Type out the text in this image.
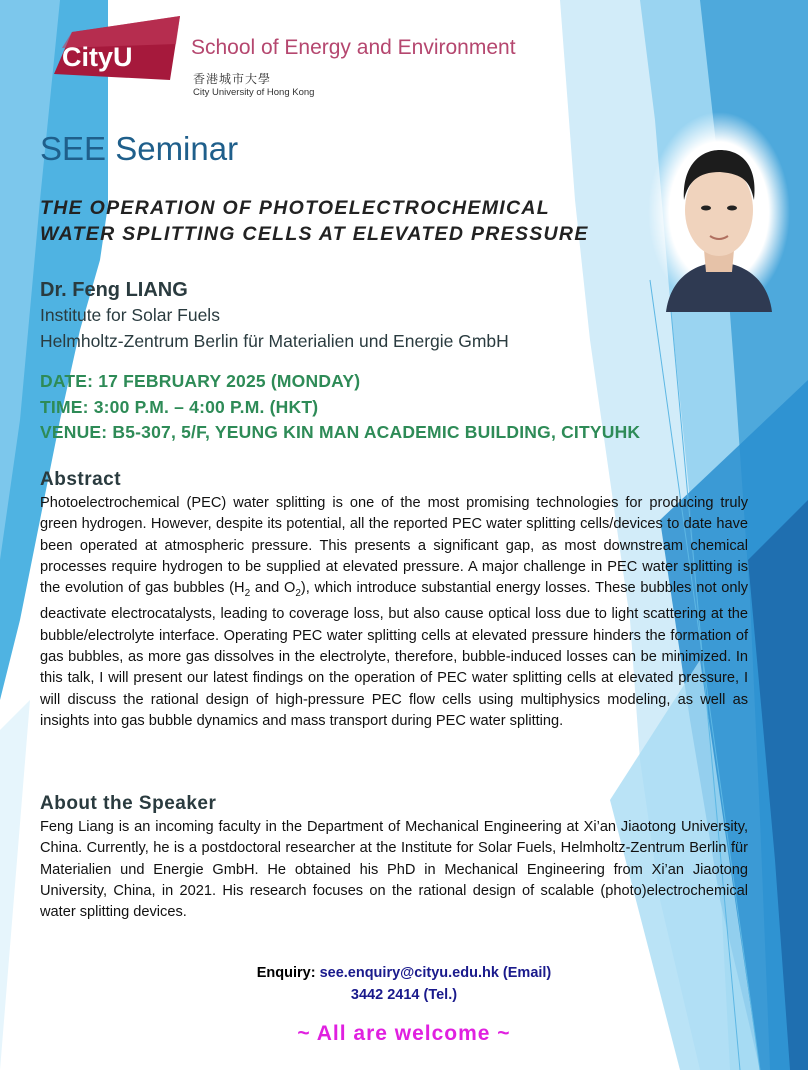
CityU	School of Energy and Environment
香港城市大學
City University of Hong Kong
SEE Seminar
THE OPERATION OF PHOTOELECTROCHEMICAL
WATER SPLITTING CELLS AT ELEVATED PRESSURE
Dr. Feng LIANG
Institute for Solar Fuels
Helmholtz-Zentrum Berlin für Materialien und Energie GmbH
DATE: 17 FEBRUARY 2025 (MONDAY)
TIME: 3:00 P.M. – 4:00 P.M. (HKT)
VENUE: B5-307, 5/F, YEUNG KIN MAN ACADEMIC BUILDING, CITYUHK
Abstract
Photoelectrochemical (PEC) water splitting is one of the most promising technologies for producing truly green hydrogen. However, despite its potential, all the reported PEC water splitting cells/devices to date have been operated at atmospheric pressure. This presents a significant gap, as most downstream chemical processes require hydrogen to be supplied at elevated pressure. A major challenge in PEC water splitting is the evolution of gas bubbles ($H_2$ and $O_2$), which introduce substantial energy losses. These bubbles not only deactivate electrocatalysts, leading to coverage loss, but also cause optical loss due to light scattering at the bubble/electrolyte interface. Operating PEC water splitting cells at elevated pressure hinders the formation of gas bubbles, as more gas dissolves in the electrolyte, therefore, bubble-induced losses can be minimized. In this talk, I will present our latest findings on the operation of PEC water splitting cells at elevated pressure, I will discuss the rational design of high-pressure PEC flow cells using multiphysics modeling, as well as insights into gas bubble dynamics and mass transport during PEC water splitting.
About the Speaker
Feng Liang is an incoming faculty in the Department of Mechanical Engineering at Xi’an Jiaotong University, China. Currently, he is a postdoctoral researcher at the Institute for Solar Fuels, Helmholtz-Zentrum Berlin für Materialien und Energie GmbH. He obtained his PhD in Mechanical Engineering from Xi’an Jiaotong University, China, in 2021. His research focuses on the rational design of scalable (photo)electrochemical water splitting devices.
Enquiry: see.enquiry@cityu.edu.hk (Email)
3442 2414 (Tel.)
~ All are welcome ~
